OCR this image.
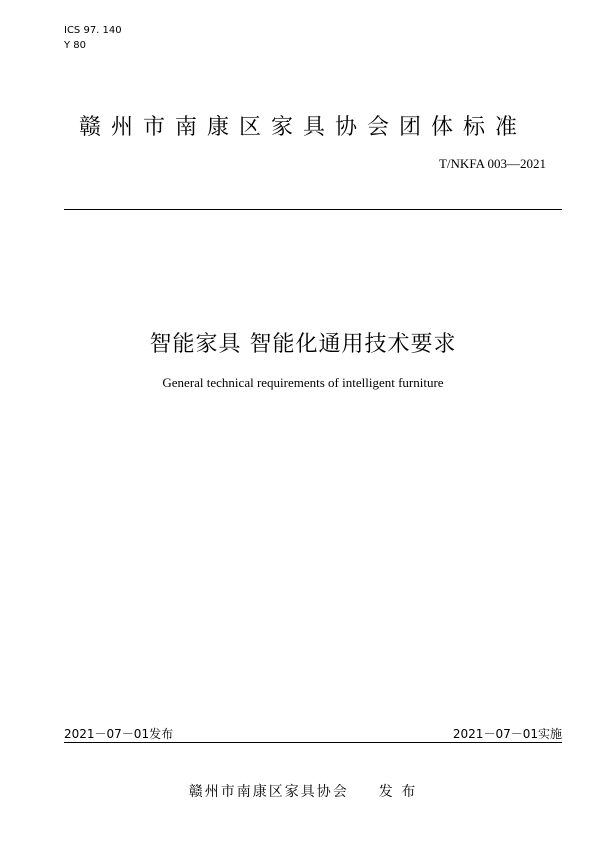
ICS 97. 140
Y 80
赣州市南康区家具协会团体标准
T/NKFA 003—2021
智能家具 智能化通用技术要求
General technical requirements of intelligent furniture
2021－07－01发布	2021－07－01实施
赣州市南康区家具协会 发 布
